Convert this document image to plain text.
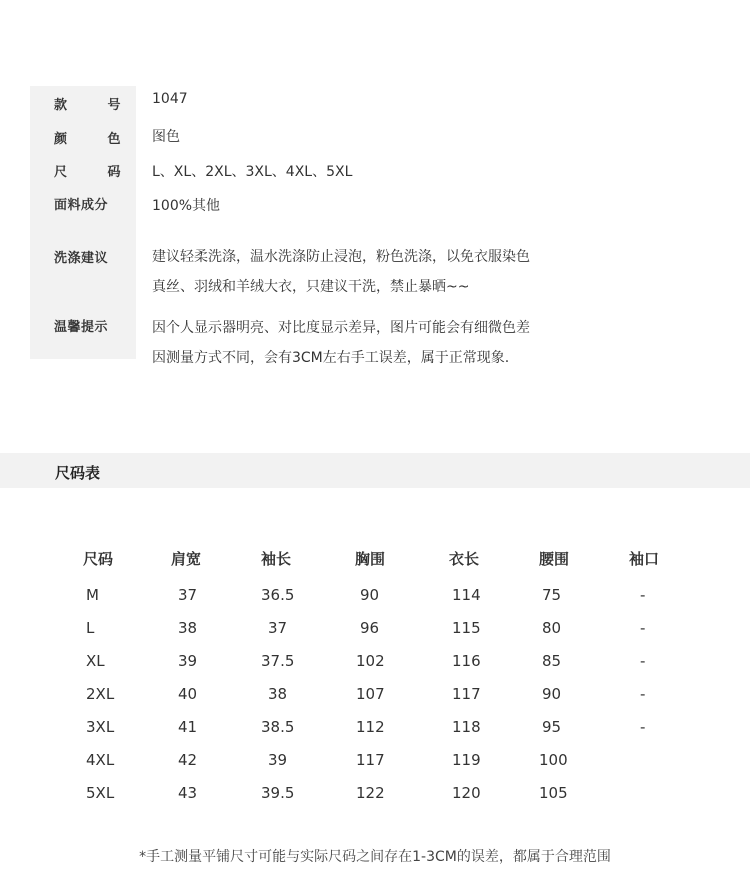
款 号 1047
颜 色 图色
尺 码 L、XL、2XL、3XL、4XL、5XL
面料成分	100%其他
洗涤建议	建议轻柔洗涤，温水洗涤防止浸泡，粉色洗涤，以免衣服染色
真丝、羽绒和羊绒大衣，只建议干洗，禁止暴晒~~
温馨提示	因个人显示器明亮、对比度显示差异，图片可能会有细微色差
因测量方式不同，会有3CM左右手工误差，属于正常现象.
尺码表
	尺码	肩宽	袖长	胸围	衣长	腰围	袖口
	M	37	36.5	90	114	75	-
	L	38	37	96	115	80	-
	XL	39	37.5	102	116	85	-
	2XL	40	38	107	117	90	-
	3XL	41	38.5	112	118	95	-
	4XL	42	39	117	119	100	
	5XL	43	39.5	122	120	105	
*手工测量平铺尺寸可能与实际尺码之间存在1-3CM的误差，都属于合理范围
